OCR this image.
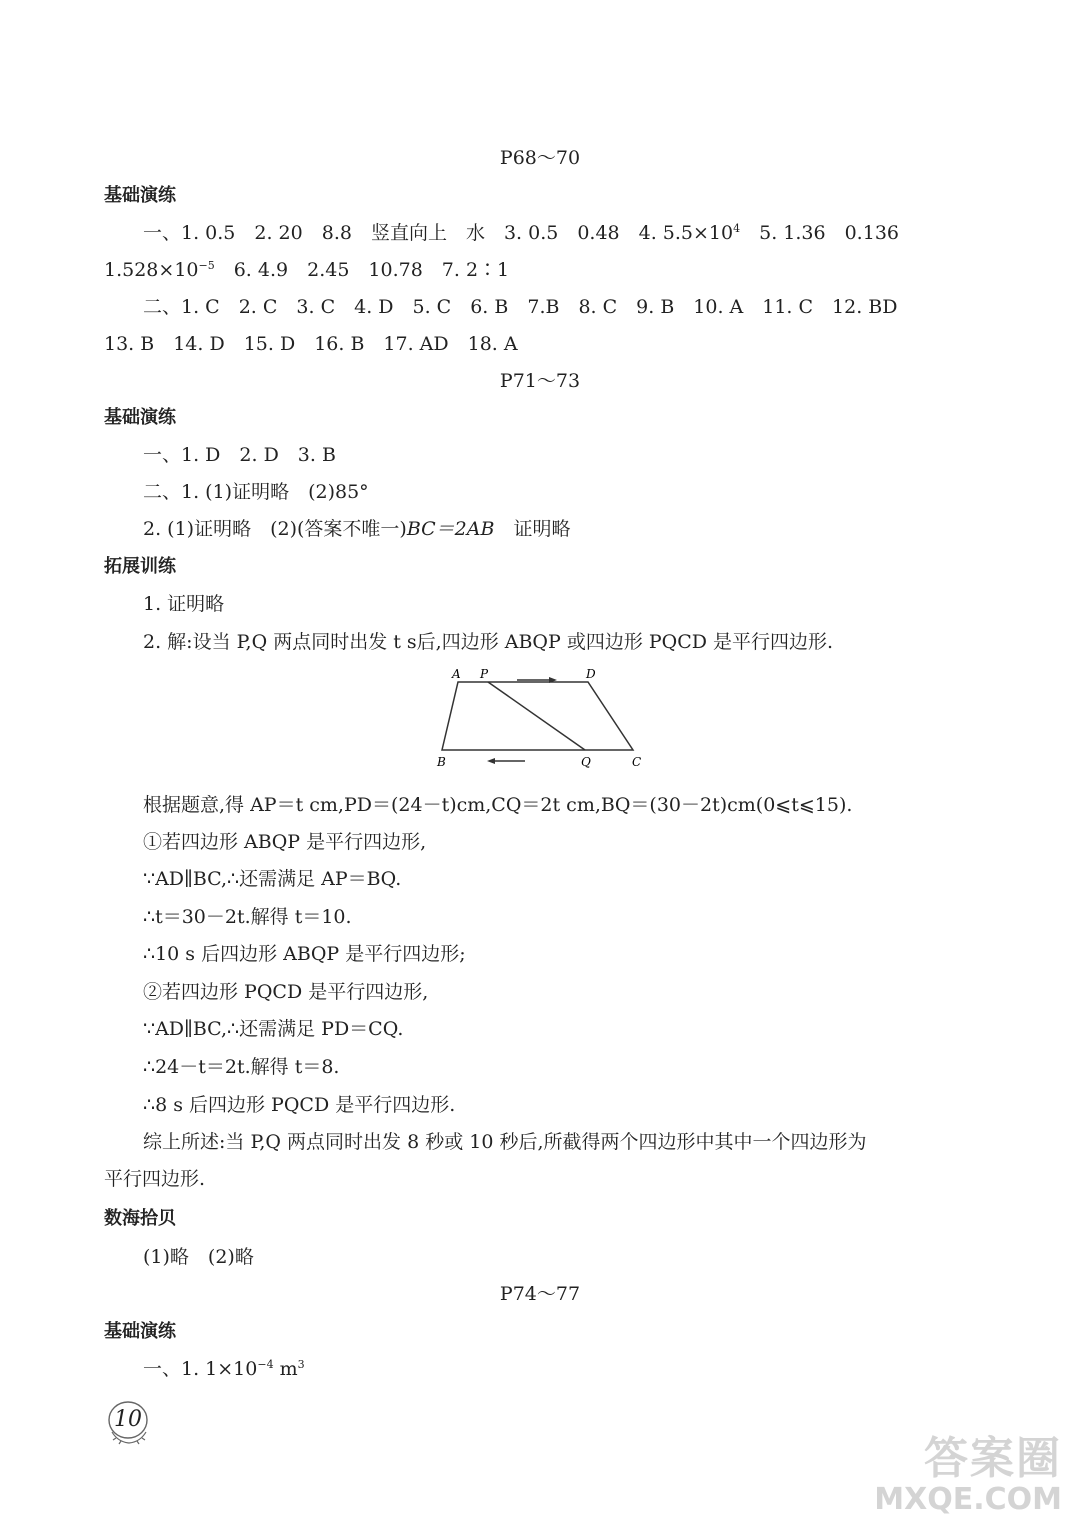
P68～70
基础演练
一、1. 0.5　2. 20　8.8　竖直向上　水　3. 0.5　0.48　4. $5.5\times 10^4$　5. 1.36　0.136
$1.528\times 10^{-5}$　6. 4.9　2.45　10.78　7. 2∶1
二、1. C　2. C　3. C　4. D　5. C　6. B　7.B　8. C　9. B　10. A　11. C　12. BD
13. B　14. D　15. D　16. B　17. AD　18. A
P71～73
基础演练
一、1. D　2. D　3. B
二、1. (1)证明略　(2)85°
2. (1)证明略　(2)(答案不唯一)BC＝2AB　证明略
拓展训练
1. 证明略
2. 解:设当 P,Q 两点同时出发 t s后,四边形 ABQP 或四边形 PQCD 是平行四边形.
A P	D
B	Q	C
根据题意,得 AP＝t cm,PD＝(24－t)cm,CQ＝2t cm,BQ＝(30－2t)cm(0⩽t⩽15).
①若四边形 ABQP 是平行四边形,
∵AD∥BC,∴还需满足 AP＝BQ.
∴t＝30－2t.解得 t＝10.
∴10 s 后四边形 ABQP 是平行四边形;
②若四边形 PQCD 是平行四边形,
∵AD∥BC,∴还需满足 PD＝CQ.
∴24－t＝2t.解得 t＝8.
∴8 s 后四边形 PQCD 是平行四边形.
综上所述:当 P,Q 两点同时出发 8 秒或 10 秒后,所截得两个四边形中其中一个四边形为
平行四边形.
数海拾贝
(1)略　(2)略
P74～77
基础演练
一、1. $1\times 10^{-4}$ $m^3$
10
答案圈
MXQE.COM
